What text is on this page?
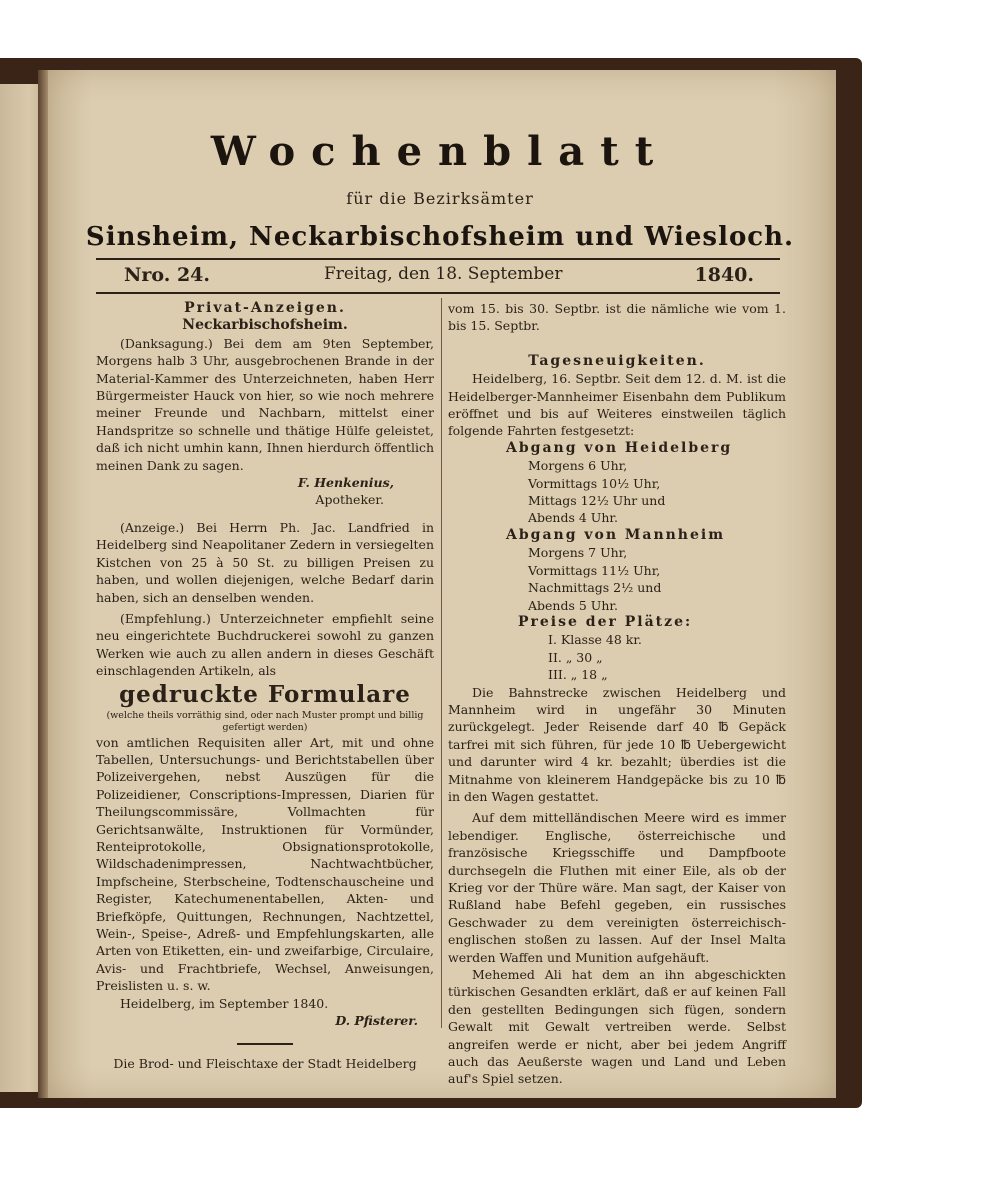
Wochenblatt
für die Bezirksämter
Sinsheim, Neckarbischofsheim und Wiesloch.
Nro. 24.	Freitag, den 18. September	1840.

Privat-Anzeigen.

Neckarbischofsheim.

(Danksagung.) Bei dem am 9ten September, Morgens halb 3 Uhr, ausgebrochenen Brande in der Material-Kammer des Unterzeichneten, haben Herr Bürgermeister Hauck von hier, so wie noch mehrere meiner Freunde und Nachbarn, mittelst einer Handspritze so schnelle und thätige Hülfe geleistet, daß ich nicht umhin kann, Ihnen hierdurch öffentlich meinen Dank zu sagen.

F. Henkenius,

Apotheker.

(Anzeige.) Bei Herrn Ph. Jac. Landfried in Heidelberg sind Neapolitaner Zedern in versiegelten Kistchen von 25 à 50 St. zu billigen Preisen zu haben, und wollen diejenigen, welche Bedarf darin haben, sich an denselben wenden.

(Empfehlung.) Unterzeichneter empfiehlt seine neu eingerichtete Buchdruckerei sowohl zu ganzen Werken wie auch zu allen andern in dieses Geschäft einschlagenden Artikeln, als

gedruckte Formulare

(welche theils vorräthig sind, oder nach Muster prompt und billig gefertigt werden)

von amtlichen Requisiten aller Art, mit und ohne Tabellen, Untersuchungs- und Berichtstabellen über Polizeivergehen, nebst Auszügen für die Polizeidiener, Conscriptions-Impressen, Diarien für Theilungscommissäre, Vollmachten für Gerichtsanwälte, Instruktionen für Vormünder, Renteiprotokolle, Obsignationsprotokolle, Wildschadenimpressen, Nachtwachtbücher, Impfscheine, Sterbscheine, Todtenschauscheine und Register, Katechumenentabellen, Akten- und Briefköpfe, Quittungen, Rechnungen, Nachtzettel, Wein-, Speise-, Adreß- und Empfehlungskarten, alle Arten von Etiketten, ein- und zweifarbige, Circulaire, Avis- und Frachtbriefe, Wechsel, Anweisungen, Preislisten u. s. w.

Heidelberg, im September 1840.

D. Pfisterer.

Die Brod- und Fleischtaxe der Stadt Heidelberg

vom 15. bis 30. Septbr. ist die nämliche wie vom 1. bis 15. Septbr.

Tagesneuigkeiten.

Heidelberg, 16. Septbr. Seit dem 12. d. M. ist die Heidelberger-Mannheimer Eisenbahn dem Publikum eröffnet und bis auf Weiteres einstweilen täglich folgende Fahrten festgesetzt:

Abgang von Heidelberg

Morgens 6 Uhr,

Vormittags 10½ Uhr,

Mittags 12½ Uhr und

Abends 4 Uhr.

Abgang von Mannheim

Morgens 7 Uhr,

Vormittags 11½ Uhr,

Nachmittags 2½ und

Abends 5 Uhr.

Preise der Plätze:

I. Klasse 48 kr.

II. „ 30 „

III. „ 18 „

Die Bahnstrecke zwischen Heidelberg und Mannheim wird in ungefähr 30 Minuten zurückgelegt. Jeder Reisende darf 40 ℔ Gepäck tarfrei mit sich führen, für jede 10 ℔ Uebergewicht und darunter wird 4 kr. bezahlt; überdies ist die Mitnahme von kleinerem Handgepäcke bis zu 10 ℔ in den Wagen gestattet.

Auf dem mittelländischen Meere wird es immer lebendiger. Englische, österreichische und französische Kriegsschiffe und Dampfboote durchsegeln die Fluthen mit einer Eile, als ob der Krieg vor der Thüre wäre. Man sagt, der Kaiser von Rußland habe Befehl gegeben, ein russisches Geschwader zu dem vereinigten österreichisch-englischen stoßen zu lassen. Auf der Insel Malta werden Waffen und Munition aufgehäuft.

Mehemed Ali hat dem an ihn abgeschickten türkischen Gesandten erklärt, daß er auf keinen Fall den gestellten Bedingungen sich fügen, sondern Gewalt mit Gewalt vertreiben werde. Selbst angreifen werde er nicht, aber bei jedem Angriff auch das Aeußerste wagen und Land und Leben auf's Spiel setzen.
